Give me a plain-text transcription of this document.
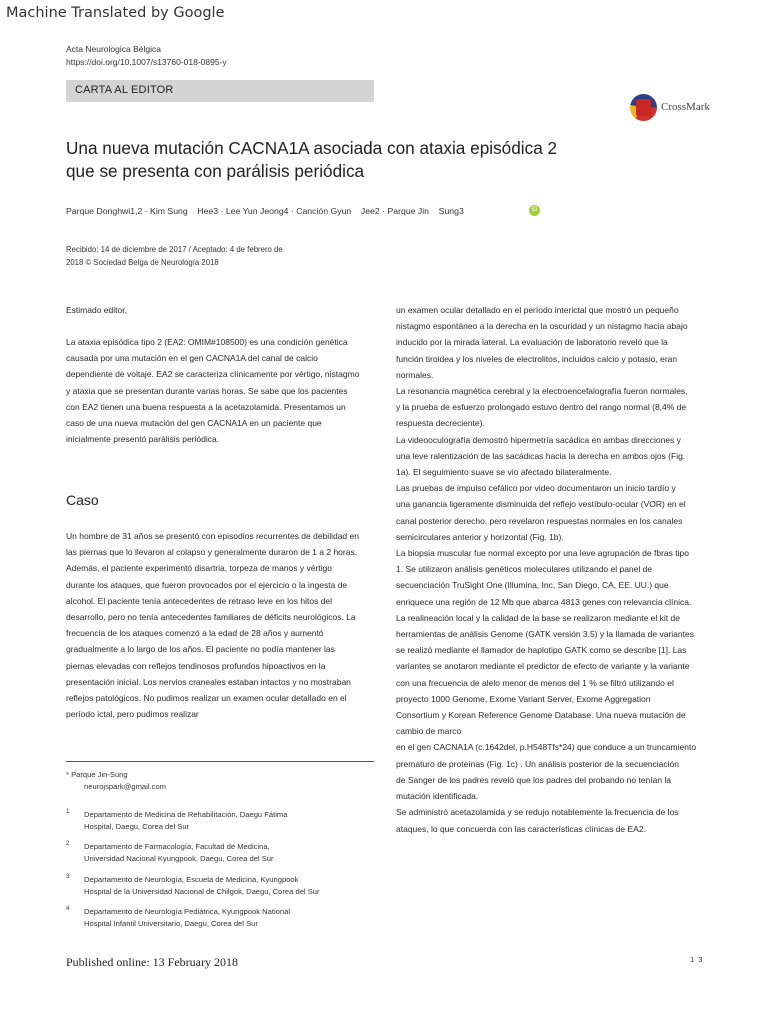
Machine Translated by Google
Acta Neurologica Bélgica
https://doi.org/10.1007/s13760-018-0895-y
CARTA AL EDITOR
CrossMark
Una nueva mutación CACNA1A asociada con ataxia episódica 2
que se presenta con parálisis periódica
Parque Donghwi1,2 · Kim Sung    Hee3 · Lee Yun Jeong4 · Canción Gyun    Jee2 · Parque Jin    Sung3	iD
Recibido: 14 de diciembre de 2017 / Aceptado: 4 de febrero de
2018 © Sociedad Belga de Neurología 2018

Estimado editor,

La ataxia episódica tipo 2 (EA2: OMIM#108500) es una condición genética

causada por una mutación en el gen CACNA1A del canal de calcio

dependiente de voltaje. EA2 se caracteriza clínicamente por vértigo, nistagmo

y ataxia que se presentan durante varias horas. Se sabe que los pacientes

con EA2 tienen una buena respuesta a la acetazolamida. Presentamos un

caso de una nueva mutación del gen CACNA1A en un paciente que

inicialmente presentó parálisis periódica.

Caso

Un hombre de 31 años se presentó con episodios recurrentes de debilidad en

las piernas que lo llevaron al colapso y generalmente duraron de 1 a 2 horas.

Además, el paciente experimentó disartria, torpeza de manos y vértigo

durante los ataques, que fueron provocados por el ejercicio o la ingesta de

alcohol. El paciente tenía antecedentes de retraso leve en los hitos del

desarrollo, pero no tenía antecedentes familiares de déficits neurológicos. La

frecuencia de los ataques comenzó a la edad de 28 años y aumentó

gradualmente a lo largo de los años. El paciente no podía mantener las

piernas elevadas con reflejos tendinosos profundos hipoactivos en la

presentación inicial. Los nervios craneales estaban intactos y no mostraban

reflejos patológicos. No pudimos realizar un examen ocular detallado en el

período ictal, pero pudimos realizar

un examen ocular detallado en el período interictal que mostró un pequeño

nistagmo espontáneo a la derecha en la oscuridad y un nistagmo hacia abajo

inducido por la mirada lateral. La evaluación de laboratorio reveló que la

función tiroidea y los niveles de electrolitos, incluidos calcio y potasio, eran

normales.

La resonancia magnética cerebral y la electroencefalografía fueron normales,

y la prueba de esfuerzo prolongado estuvo dentro del rango normal (8,4% de

respuesta decreciente).

La videooculografía demostró hipermetría sacádica en ambas direcciones y

una leve ralentización de las sacádicas hacia la derecha en ambos ojos (Fig.

1a). El seguimiento suave se vio afectado bilateralmente.

Las pruebas de impulso cefálico por video documentaron un inicio tardío y

una ganancia ligeramente disminuida del reflejo vestíbulo-ocular (VOR) en el

canal posterior derecho, pero revelaron respuestas normales en los canales

semicirculares anterior y horizontal (Fig. 1b).

La biopsia muscular fue normal excepto por una leve agrupación de fbras tipo

1. Se utilizaron análisis genéticos moleculares utilizando el panel de

secuenciación TruSight One (Illumina, Inc, San Diego, CA, EE. UU.) que

enriquece una región de 12 Mb que abarca 4813 genes con relevancia clínica.

La realineación local y la calidad de la base se realizaron mediante el kit de

herramientas de análisis Genome (GATK versión 3.5) y la llamada de variantes

se realizó mediante el llamador de haplotipo GATK como se describe [1]. Las

variantes se anotaron mediante el predictor de efecto de variante y la variante

con una frecuencia de alelo menor de menos del 1 % se filtró utilizando el

proyecto 1000 Genome, Exome Variant Server, Exome Aggregation

Consortium y Korean Reference Genome Database. Una nueva mutación de

cambio de marco

en el gen CACNA1A (c.1642del, p.H548Tfs*24) que conduce a un truncamiento

prematuro de proteínas (Fig. 1c) . Un análisis posterior de la secuenciación

de Sanger de los padres reveló que los padres del probando no tenían la

mutación identificada.

Se administró acetazolamida y se redujo notablemente la frecuencia de los

ataques, lo que concuerda con las características clínicas de EA2.

* Parque Jin-Sung
neurojspark@gmail.com
1 Departamento de Medicina de Rehabilitación, Daegu Fátima
Hospital, Daegu, Corea del Sur
2 Departamento de Farmacología, Facultad de Medicina,
Universidad Nacional Kyungpook, Daegu, Corea del Sur
3 Departamento de Neurología, Escuela de Medicina, Kyungpook
Hospital de la Universidad Nacional de Chilgok, Daegu, Corea del Sur
4 Departamento de Neurología Pediátrica, Kyungpook National
Hospital Infantil Universitario, Daegu, Corea del Sur
Published online: 13 February 2018	1 3
